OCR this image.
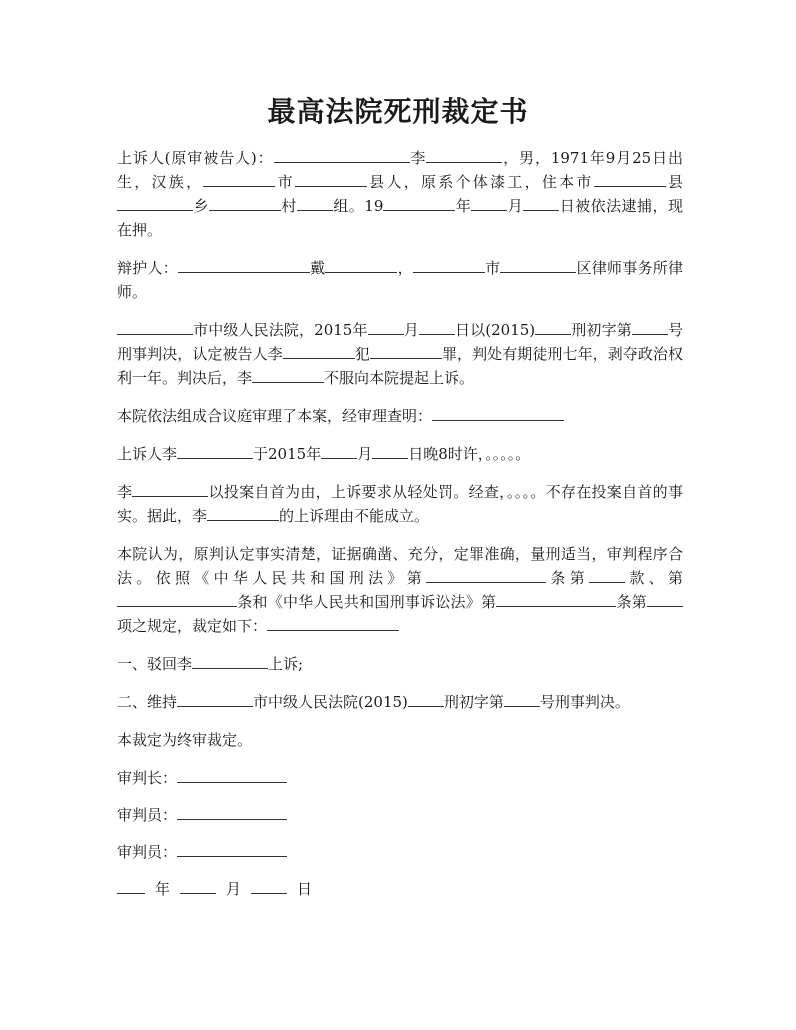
最高法院死刑裁定书

上诉人(原审被告人)：	李	，男，1971年9月25日出生，汉族，	市	县人，原系个体漆工，住本市	县乡	村 组。19	年 月 日被依法逮捕，现在押。

辩护人：	戴	，	市	区律师事务所律师。

市中级人民法院，2015年 月 日以(2015) 刑初字第 号刑事判决，认定被告人李	犯	罪，判处有期徒刑七年，剥夺政治权利一年。判决后，李	不服向本院提起上诉。

本院依法组成合议庭审理了本案，经审理查明：

上诉人李	于2015年 月 日晚8时许，。。。。。

李	以投案自首为由，上诉要求从轻处罚。经查，。。。。不存在投案自首的事实。据此，李	的上诉理由不能成立。

本院认为，原判认定事实清楚，证据确凿、充分，定罪准确，量刑适当，审判程序合法。依照《中华人民共和国刑法》第	条第 款、第条和《中华人民共和国刑事诉讼法》第	条第项之规定，裁定如下：

一、驳回李	上诉;

二、维持	市中级人民法院(2015) 刑初字第 号刑事判决。

本裁定为终审裁定。

审判长：

审判员：

审判员：

年	月	日
